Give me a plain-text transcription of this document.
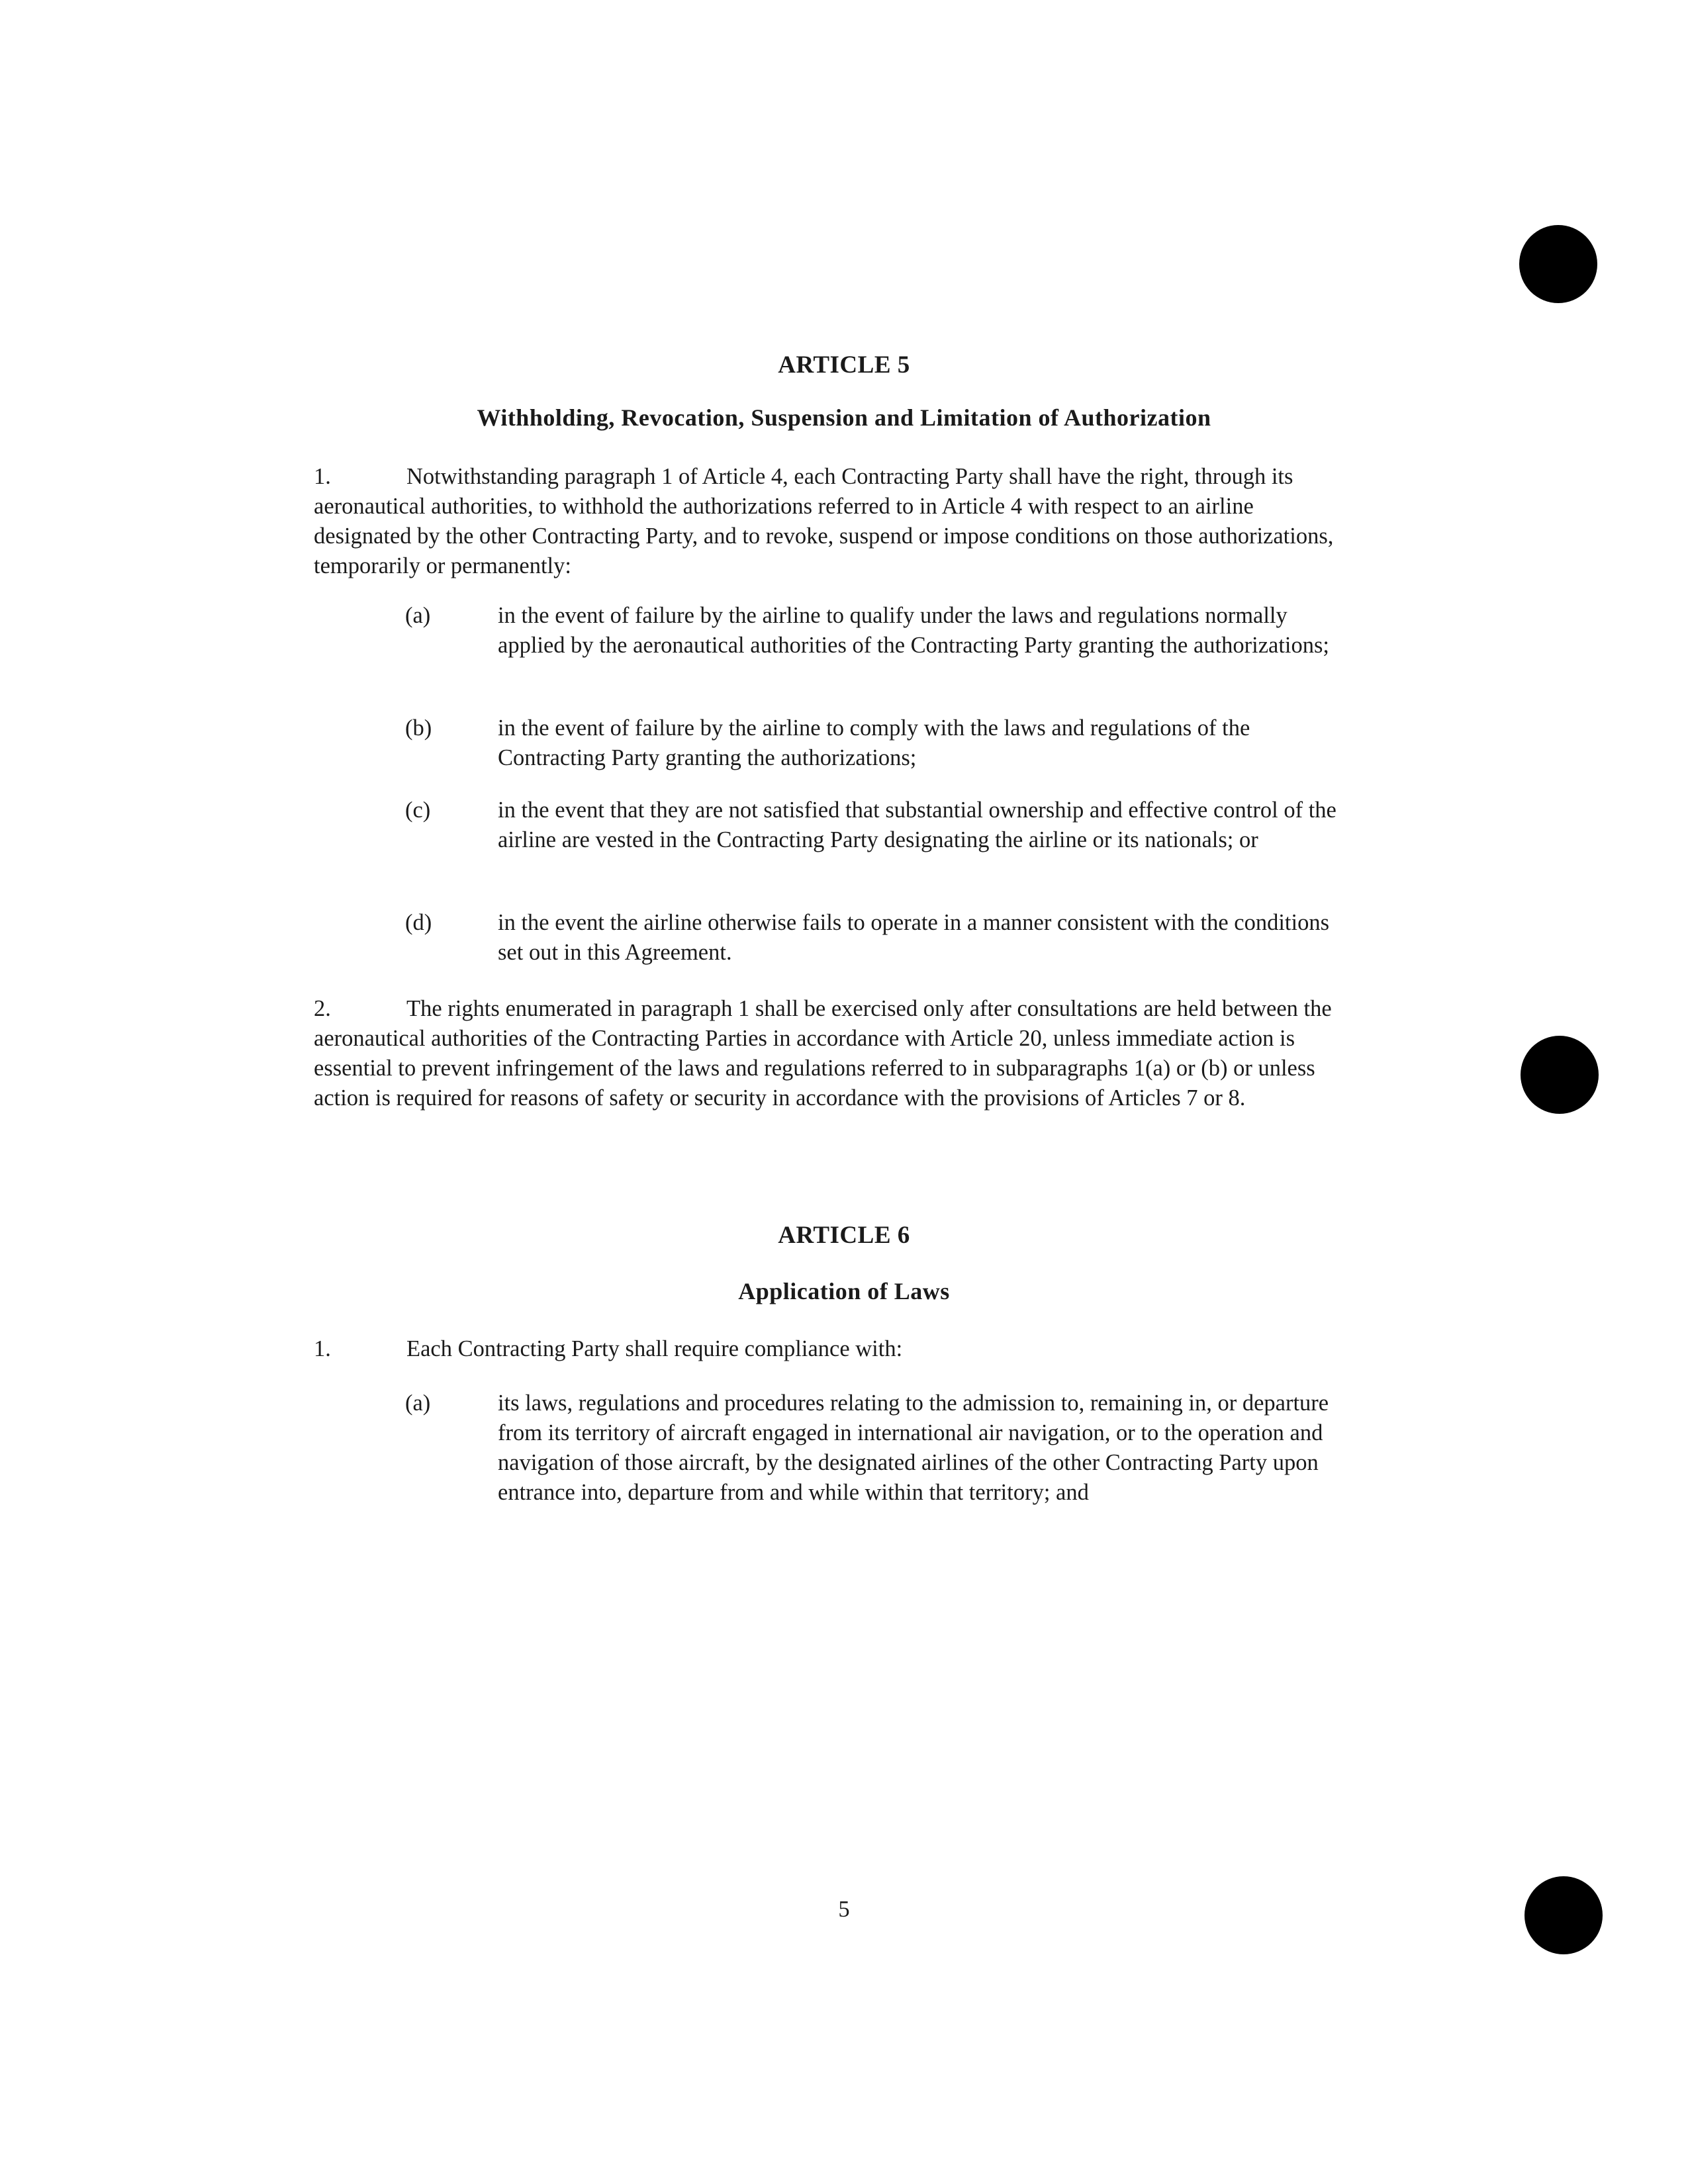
ARTICLE 5
Withholding, Revocation, Suspension and Limitation of Authorization

1.	Notwithstanding paragraph 1 of Article 4, each Contracting Party shall have the right, through its aeronautical authorities, to withhold the authorizations referred to in Article 4 with respect to an airline designated by the other Contracting Party, and to revoke, suspend or impose conditions on those authorizations, temporarily or permanently:

(a)	in the event of failure by the airline to qualify under the laws and regulations normally applied by the aeronautical authorities of the Contracting Party granting the authorizations;
(b)	in the event of failure by the airline to comply with the laws and regulations of the Contracting Party granting the authorizations;
(c)	in the event that they are not satisfied that substantial ownership and effective control of the airline are vested in the Contracting Party designating the airline or its nationals; or
(d)	in the event the airline otherwise fails to operate in a manner consistent with the conditions set out in this Agreement.

2.	The rights enumerated in paragraph 1 shall be exercised only after consultations are held between the aeronautical authorities of the Contracting Parties in accordance with Article 20, unless immediate action is essential to prevent infringement of the laws and regulations referred to in subparagraphs 1(a) or (b) or unless action is required for reasons of safety or security in accordance with the provisions of Articles 7 or 8.

ARTICLE 6
Application of Laws

1.	Each Contracting Party shall require compliance with:

(a)	its laws, regulations and procedures relating to the admission to, remaining in, or departure from its territory of aircraft engaged in international air navigation, or to the operation and navigation of those aircraft, by the designated airlines of the other Contracting Party upon entrance into, departure from and while within that territory; and
5
